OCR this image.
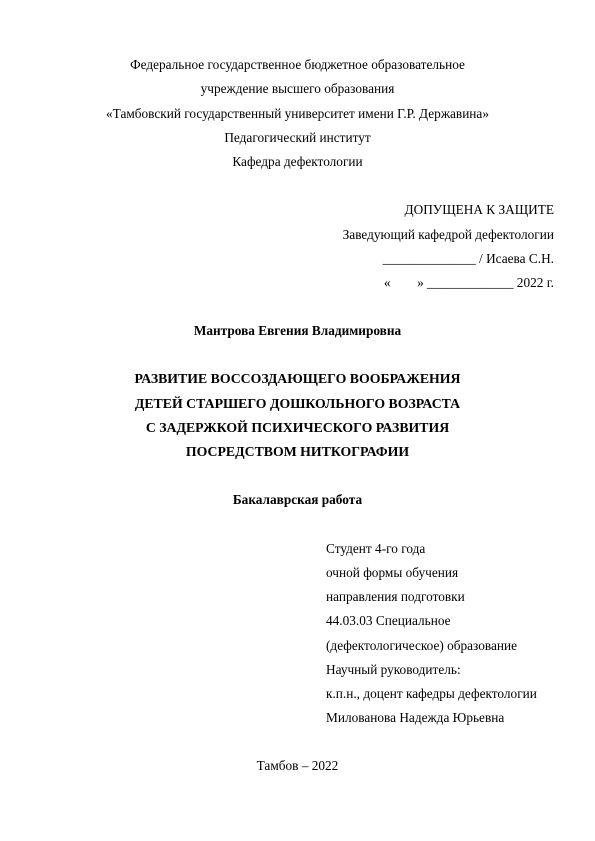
Федеральное государственное бюджетное образовательное
учреждение высшего образования
«Тамбовский государственный университет имени Г.Р. Державина»
Педагогический институт
Кафедра дефектологии
ДОПУЩЕНА К ЗАЩИТЕ
Заведующий кафедрой дефектологии
______________ / Исаева С.Н.
«        » _____________ 2022 г.
Мантрова Евгения Владимировна
РАЗВИТИЕ ВОССОЗДАЮЩЕГО ВООБРАЖЕНИЯ
ДЕТЕЙ СТАРШЕГО ДОШКОЛЬНОГО ВОЗРАСТА
С ЗАДЕРЖКОЙ ПСИХИЧЕСКОГО РАЗВИТИЯ
ПОСРЕДСТВОМ НИТКОГРАФИИ
Бакалаврская работа
Студент 4-го года
очной формы обучения
направления подготовки
44.03.03 Специальное
(дефектологическое) образование
Научный руководитель:
к.п.н., доцент кафедры дефектологии
Милованова Надежда Юрьевна
Тамбов – 2022
